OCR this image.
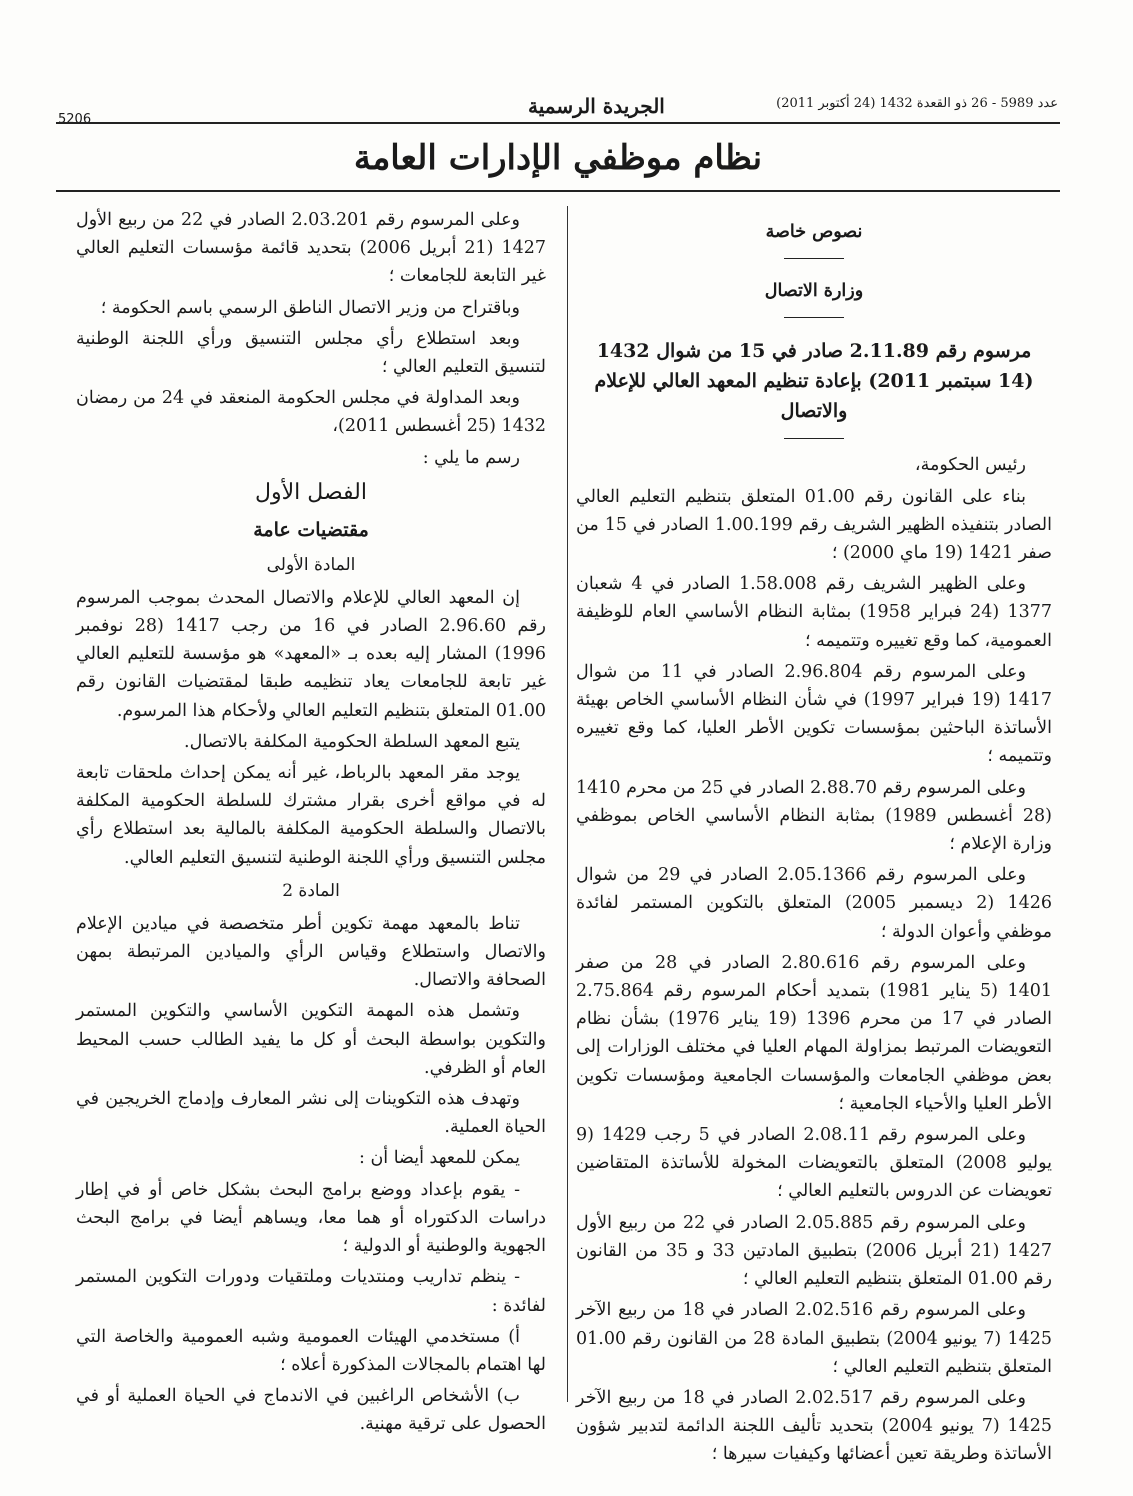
5206
الجريدة الرسمية	عدد 5989 - 26 ذو القعدة 1432 (24 أكتوبر 2011)
نظام موظفي الإدارات العامة

نصوص خاصة

وزارة الاتصال

مرسوم رقم 2.11.89 صادر في 15 من شوال 1432 (14 سبتمبر 2011) بإعادة تنظيم المعهد العالي للإعلام والاتصال

رئيس الحكومة،

بناء على القانون رقم 01.00 المتعلق بتنظيم التعليم العالي الصادر بتنفيذه الظهير الشريف رقم 1.00.199 الصادر في 15 من صفر 1421 (19 ماي 2000) ؛

وعلى الظهير الشريف رقم 1.58.008 الصادر في 4 شعبان 1377 (24 فبراير 1958) بمثابة النظام الأساسي العام للوظيفة العمومية، كما وقع تغييره وتتميمه ؛

وعلى المرسوم رقم 2.96.804 الصادر في 11 من شوال 1417 (19 فبراير 1997) في شأن النظام الأساسي الخاص بهيئة الأساتذة الباحثين بمؤسسات تكوين الأطر العليا، كما وقع تغييره وتتميمه ؛

وعلى المرسوم رقم 2.88.70 الصادر في 25 من محرم 1410 (28 أغسطس 1989) بمثابة النظام الأساسي الخاص بموظفي وزارة الإعلام ؛

وعلى المرسوم رقم 2.05.1366 الصادر في 29 من شوال 1426 (2 ديسمبر 2005) المتعلق بالتكوين المستمر لفائدة موظفي وأعوان الدولة ؛

وعلى المرسوم رقم 2.80.616 الصادر في 28 من صفر 1401 (5 يناير 1981) بتمديد أحكام المرسوم رقم 2.75.864 الصادر في 17 من محرم 1396 (19 يناير 1976) بشأن نظام التعويضات المرتبط بمزاولة المهام العليا في مختلف الوزارات إلى بعض موظفي الجامعات والمؤسسات الجامعية ومؤسسات تكوين الأطر العليا والأحياء الجامعية ؛

وعلى المرسوم رقم 2.08.11 الصادر في 5 رجب 1429 (9 يوليو 2008) المتعلق بالتعويضات المخولة للأساتذة المتقاضين تعويضات عن الدروس بالتعليم العالي ؛

وعلى المرسوم رقم 2.05.885 الصادر في 22 من ربيع الأول 1427 (21 أبريل 2006) بتطبيق المادتين 33 و 35 من القانون رقم 01.00 المتعلق بتنظيم التعليم العالي ؛

وعلى المرسوم رقم 2.02.516 الصادر في 18 من ربيع الآخر 1425 (7 يونيو 2004) بتطبيق المادة 28 من القانون رقم 01.00 المتعلق بتنظيم التعليم العالي ؛

وعلى المرسوم رقم 2.02.517 الصادر في 18 من ربيع الآخر 1425 (7 يونيو 2004) بتحديد تأليف اللجنة الدائمة لتدبير شؤون الأساتذة وطريقة تعين أعضائها وكيفيات سيرها ؛

وعلى المرسوم رقم 2.03.201 الصادر في 22 من ربيع الأول 1427 (21 أبريل 2006) بتحديد قائمة مؤسسات التعليم العالي غير التابعة للجامعات ؛

وباقتراح من وزير الاتصال الناطق الرسمي باسم الحكومة ؛

وبعد استطلاع رأي مجلس التنسيق ورأي اللجنة الوطنية لتنسيق التعليم العالي ؛

وبعد المداولة في مجلس الحكومة المنعقد في 24 من رمضان 1432 (25 أغسطس 2011)،

رسم ما يلي :

الفصل الأول

مقتضيات عامة

المادة الأولى

إن المعهد العالي للإعلام والاتصال المحدث بموجب المرسوم رقم 2.96.60 الصادر في 16 من رجب 1417 (28 نوفمبر 1996) المشار إليه بعده بـ «المعهد» هو مؤسسة للتعليم العالي غير تابعة للجامعات يعاد تنظيمه طبقا لمقتضيات القانون رقم 01.00 المتعلق بتنظيم التعليم العالي ولأحكام هذا المرسوم.

يتبع المعهد السلطة الحكومية المكلفة بالاتصال.

يوجد مقر المعهد بالرباط، غير أنه يمكن إحداث ملحقات تابعة له في مواقع أخرى بقرار مشترك للسلطة الحكومية المكلفة بالاتصال والسلطة الحكومية المكلفة بالمالية بعد استطلاع رأي مجلس التنسيق ورأي اللجنة الوطنية لتنسيق التعليم العالي.

المادة 2

تناط بالمعهد مهمة تكوين أطر متخصصة في ميادين الإعلام والاتصال واستطلاع وقياس الرأي والميادين المرتبطة بمهن الصحافة والاتصال.

وتشمل هذه المهمة التكوين الأساسي والتكوين المستمر والتكوين بواسطة البحث أو كل ما يفيد الطالب حسب المحيط العام أو الظرفي.

وتهدف هذه التكوينات إلى نشر المعارف وإدماج الخريجين في الحياة العملية.

يمكن للمعهد أيضا أن :

- يقوم بإعداد ووضع برامج البحث بشكل خاص أو في إطار دراسات الدكتوراه أو هما معا، ويساهم أيضا في برامج البحث الجهوية والوطنية أو الدولية ؛

- ينظم تداريب ومنتديات وملتقيات ودورات التكوين المستمر لفائدة :

أ) مستخدمي الهيئات العمومية وشبه العمومية والخاصة التي لها اهتمام بالمجالات المذكورة أعلاه ؛

ب) الأشخاص الراغبين في الاندماج في الحياة العملية أو في الحصول على ترقية مهنية.
